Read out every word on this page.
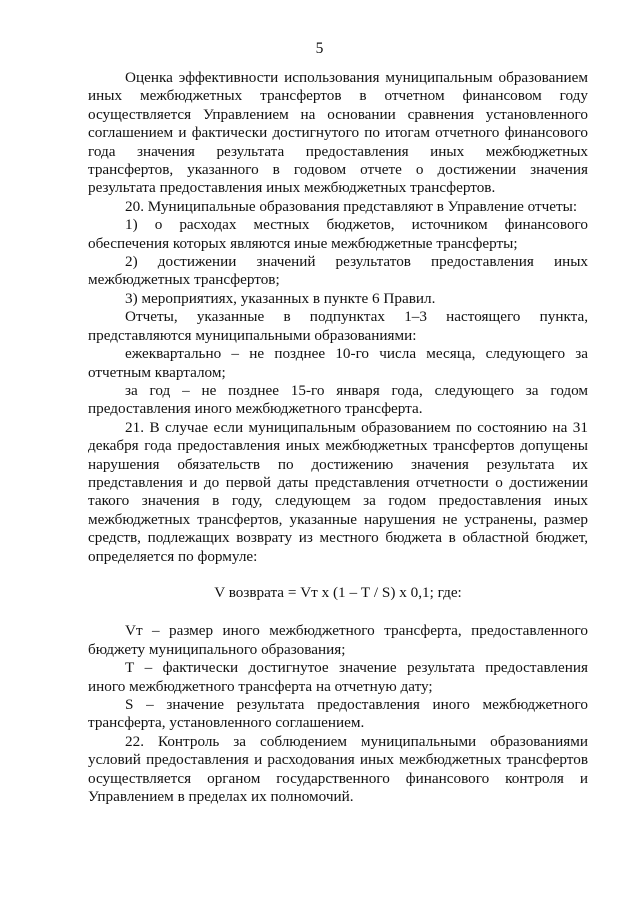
5

Оценка эффективности использования муниципальным образованием иных межбюджетных трансфертов в отчетном финансовом году осуществляется Управлением на основании сравнения установленного соглашением и фактически достигнутого по итогам отчетного финансового года значения результата предоставления иных межбюджетных трансфертов, указанного в годовом отчете о достижении значения результата предоставления иных межбюджетных трансфертов.

20. Муниципальные образования представляют в Управление отчеты:

1) о расходах местных бюджетов, источником финансового обеспечения которых являются иные межбюджетные трансферты;

2) достижении значений результатов предоставления иных межбюджетных трансфертов;

3) мероприятиях, указанных в пункте 6 Правил.

Отчеты, указанные в подпунктах 1–3 настоящего пункта, представляются муниципальными образованиями:

ежеквартально – не позднее 10-го числа месяца, следующего за отчетным кварталом;

за год – не позднее 15-го января года, следующего за годом предоставления иного межбюджетного трансферта.

21. В случае если муниципальным образованием по состоянию на 31 декабря года предоставления иных межбюджетных трансфертов допущены нарушения обязательств по достижению значения результата их представления и до первой даты представления отчетности о достижении такого значения в году, следующем за годом предоставления иных межбюджетных трансфертов, указанные нарушения не устранены, размер средств, подлежащих возврату из местного бюджета в областной бюджет, определяется по формуле:

V возврата = Vт х (1 – Т / S) х 0,1; где:

Vт – размер иного межбюджетного трансферта, предоставленного бюджету муниципального образования;

Т – фактически достигнутое значение результата предоставления иного межбюджетного трансферта на отчетную дату;

S – значение результата предоставления иного межбюджетного трансферта, установленного соглашением.

22. Контроль за соблюдением муниципальными образованиями условий предоставления и расходования иных межбюджетных трансфертов осуществляется органом государственного финансового контроля и Управлением в пределах их полномочий.
